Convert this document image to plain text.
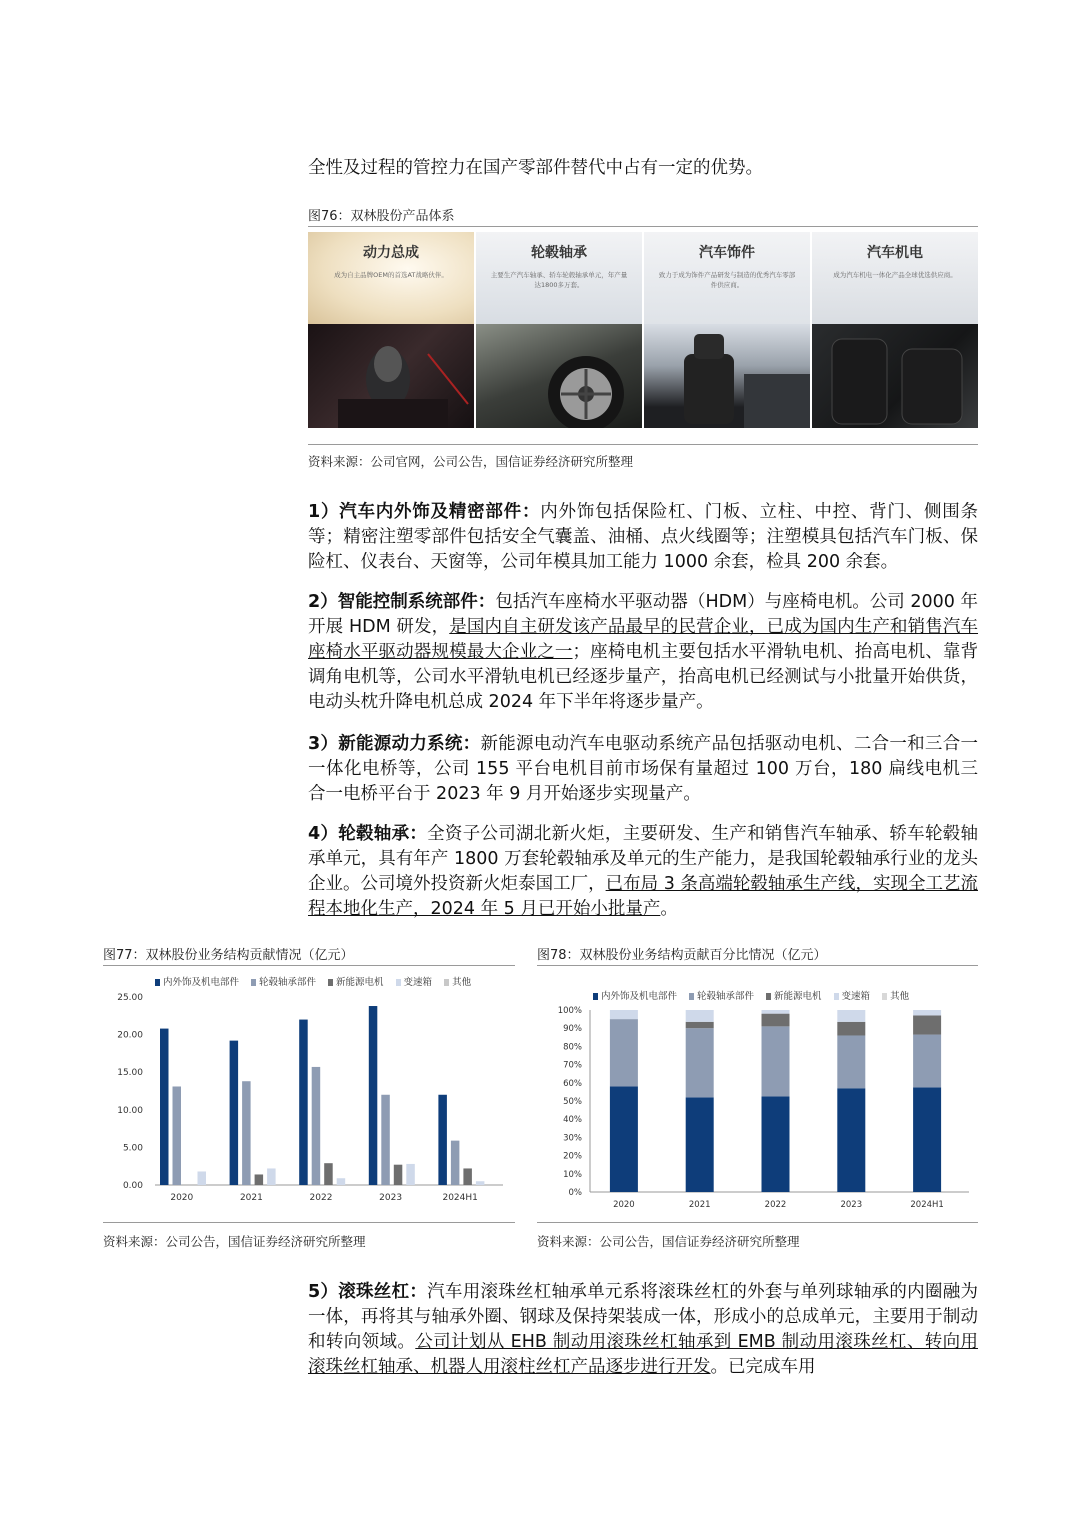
全性及过程的管控力在国产零部件替代中占有一定的优势。
图76：双林股份产品体系
动力总成
成为自主品牌OEM的首选AT战略伙伴。
轮毂轴承
主要生产汽车轴承、轿车轮毂轴承单元，年产量达1800多万套。
汽车饰件
致力于成为饰件产品研发与制造的优秀汽车零部件供应商。
汽车机电
成为汽车机电一体化产品全球优选供应商。
资料来源：公司官网，公司公告，国信证券经济研究所整理
1）汽车内外饰及精密部件：内外饰包括保险杠、门板、立柱、中控、背门、侧围条等；精密注塑零部件包括安全气囊盖、油桶、点火线圈等；注塑模具包括汽车门板、保险杠、仪表台、天窗等，公司年模具加工能力 1000 余套，检具 200 余套。
2）智能控制系统部件：包括汽车座椅水平驱动器（HDM）与座椅电机。公司 2000 年开展 HDM 研发，是国内自主研发该产品最早的民营企业，已成为国内生产和销售汽车座椅水平驱动器规模最大企业之一；座椅电机主要包括水平滑轨电机、抬高电机、靠背调角电机等，公司水平滑轨电机已经逐步量产，抬高电机已经测试与小批量开始供货，电动头枕升降电机总成 2024 年下半年将逐步量产。
3）新能源动力系统：新能源电动汽车电驱动系统产品包括驱动电机、二合一和三合一一体化电桥等，公司 155 平台电机目前市场保有量超过 100 万台，180 扁线电机三合一电桥平台于 2023 年 9 月开始逐步实现量产。
4）轮毂轴承：全资子公司湖北新火炬，主要研发、生产和销售汽车轴承、轿车轮毂轴承单元，具有年产 1800 万套轮毂轴承及单元的生产能力，是我国轮毂轴承行业的龙头企业。公司境外投资新火炬泰国工厂，已布局 3 条高端轮毂轴承生产线，实现全工艺流程本地化生产，2024 年 5 月已开始小批量产。
图77：双林股份业务结构贡献情况（亿元）
内外饰及机电部件 轮毂轴承部件 新能源电机 变速箱 其他
25.00
20.00
15.00
10.00
5.00
0.00
2020	2021	2022	2023	2024H1
资料来源：公司公告，国信证券经济研究所整理
图78：双林股份业务结构贡献百分比情况（亿元）
内外饰及机电部件 轮毂轴承部件 新能源电机 变速箱 其他
100%
90%
80%
70%
60%
50%
40%
30%
20%
10%
0%
2020	2021	2022	2023	2024H1
资料来源：公司公告，国信证券经济研究所整理
5）滚珠丝杠：汽车用滚珠丝杠轴承单元系将滚珠丝杠的外套与单列球轴承的内圈融为一体，再将其与轴承外圈、钢球及保持架装成一体，形成小的总成单元，主要用于制动和转向领域。公司计划从 EHB 制动用滚珠丝杠轴承到 EMB 制动用滚珠丝杠、转向用滚珠丝杠轴承、机器人用滚柱丝杠产品逐步进行开发。已完成车用
